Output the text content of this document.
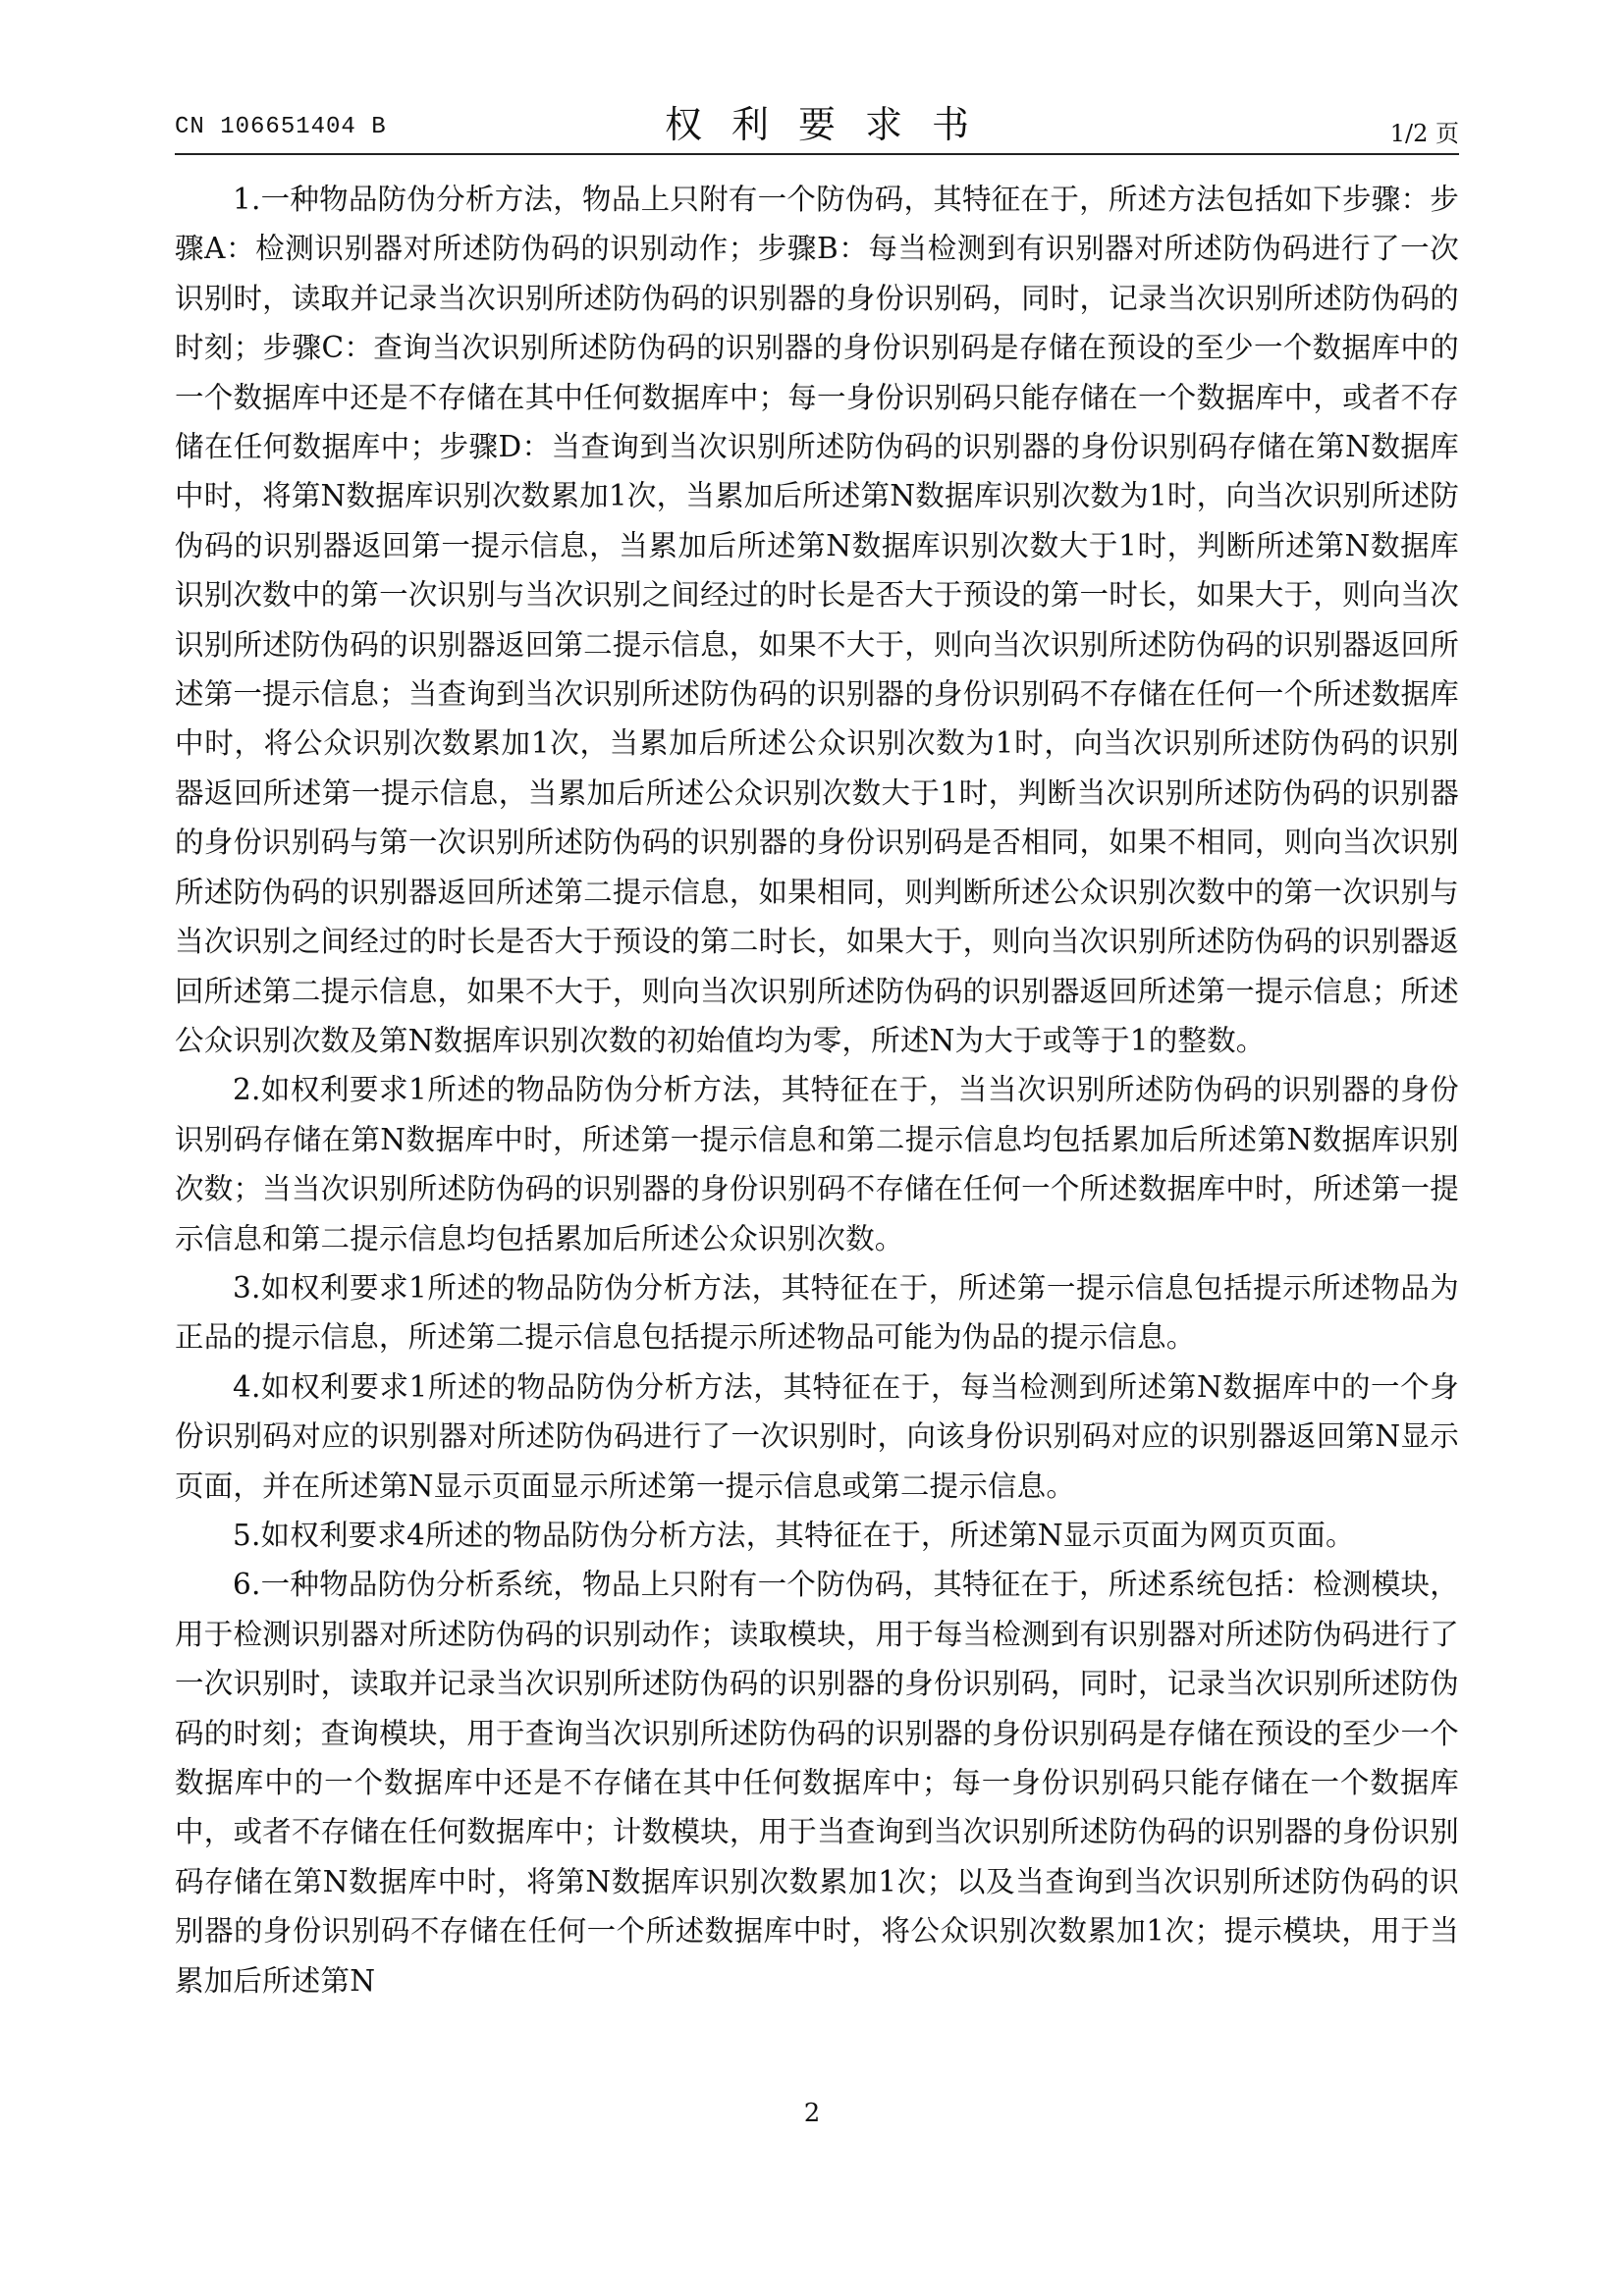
CN 106651404 B	权利要求书	1/2 页

1.一种物品防伪分析方法，物品上只附有一个防伪码，其特征在于，所述方法包括如下步骤：步骤A：检测识别器对所述防伪码的识别动作；步骤B：每当检测到有识别器对所述防伪码进行了一次识别时，读取并记录当次识别所述防伪码的识别器的身份识别码，同时，记录当次识别所述防伪码的时刻；步骤C：查询当次识别所述防伪码的识别器的身份识别码是存储在预设的至少一个数据库中的一个数据库中还是不存储在其中任何数据库中；每一身份识别码只能存储在一个数据库中，或者不存储在任何数据库中；步骤D：当查询到当次识别所述防伪码的识别器的身份识别码存储在第N数据库中时，将第N数据库识别次数累加1次，当累加后所述第N数据库识别次数为1时，向当次识别所述防伪码的识别器返回第一提示信息，当累加后所述第N数据库识别次数大于1时，判断所述第N数据库识别次数中的第一次识别与当次识别之间经过的时长是否大于预设的第一时长，如果大于，则向当次识别所述防伪码的识别器返回第二提示信息，如果不大于，则向当次识别所述防伪码的识别器返回所述第一提示信息；当查询到当次识别所述防伪码的识别器的身份识别码不存储在任何一个所述数据库中时，将公众识别次数累加1次，当累加后所述公众识别次数为1时，向当次识别所述防伪码的识别器返回所述第一提示信息，当累加后所述公众识别次数大于1时，判断当次识别所述防伪码的识别器的身份识别码与第一次识别所述防伪码的识别器的身份识别码是否相同，如果不相同，则向当次识别所述防伪码的识别器返回所述第二提示信息，如果相同，则判断所述公众识别次数中的第一次识别与当次识别之间经过的时长是否大于预设的第二时长，如果大于，则向当次识别所述防伪码的识别器返回所述第二提示信息，如果不大于，则向当次识别所述防伪码的识别器返回所述第一提示信息；所述公众识别次数及第N数据库识别次数的初始值均为零，所述N为大于或等于1的整数。

2.如权利要求1所述的物品防伪分析方法，其特征在于，当当次识别所述防伪码的识别器的身份识别码存储在第N数据库中时，所述第一提示信息和第二提示信息均包括累加后所述第N数据库识别次数；当当次识别所述防伪码的识别器的身份识别码不存储在任何一个所述数据库中时，所述第一提示信息和第二提示信息均包括累加后所述公众识别次数。

3.如权利要求1所述的物品防伪分析方法，其特征在于，所述第一提示信息包括提示所述物品为正品的提示信息，所述第二提示信息包括提示所述物品可能为伪品的提示信息。

4.如权利要求1所述的物品防伪分析方法，其特征在于，每当检测到所述第N数据库中的一个身份识别码对应的识别器对所述防伪码进行了一次识别时，向该身份识别码对应的识别器返回第N显示页面，并在所述第N显示页面显示所述第一提示信息或第二提示信息。

5.如权利要求4所述的物品防伪分析方法，其特征在于，所述第N显示页面为网页页面。

6.一种物品防伪分析系统，物品上只附有一个防伪码，其特征在于，所述系统包括：检测模块，用于检测识别器对所述防伪码的识别动作；读取模块，用于每当检测到有识别器对所述防伪码进行了一次识别时，读取并记录当次识别所述防伪码的识别器的身份识别码，同时，记录当次识别所述防伪码的时刻；查询模块，用于查询当次识别所述防伪码的识别器的身份识别码是存储在预设的至少一个数据库中的一个数据库中还是不存储在其中任何数据库中；每一身份识别码只能存储在一个数据库中，或者不存储在任何数据库中；计数模块，用于当查询到当次识别所述防伪码的识别器的身份识别码存储在第N数据库中时，将第N数据库识别次数累加1次；以及当查询到当次识别所述防伪码的识别器的身份识别码不存储在任何一个所述数据库中时，将公众识别次数累加1次；提示模块，用于当累加后所述第N

2
